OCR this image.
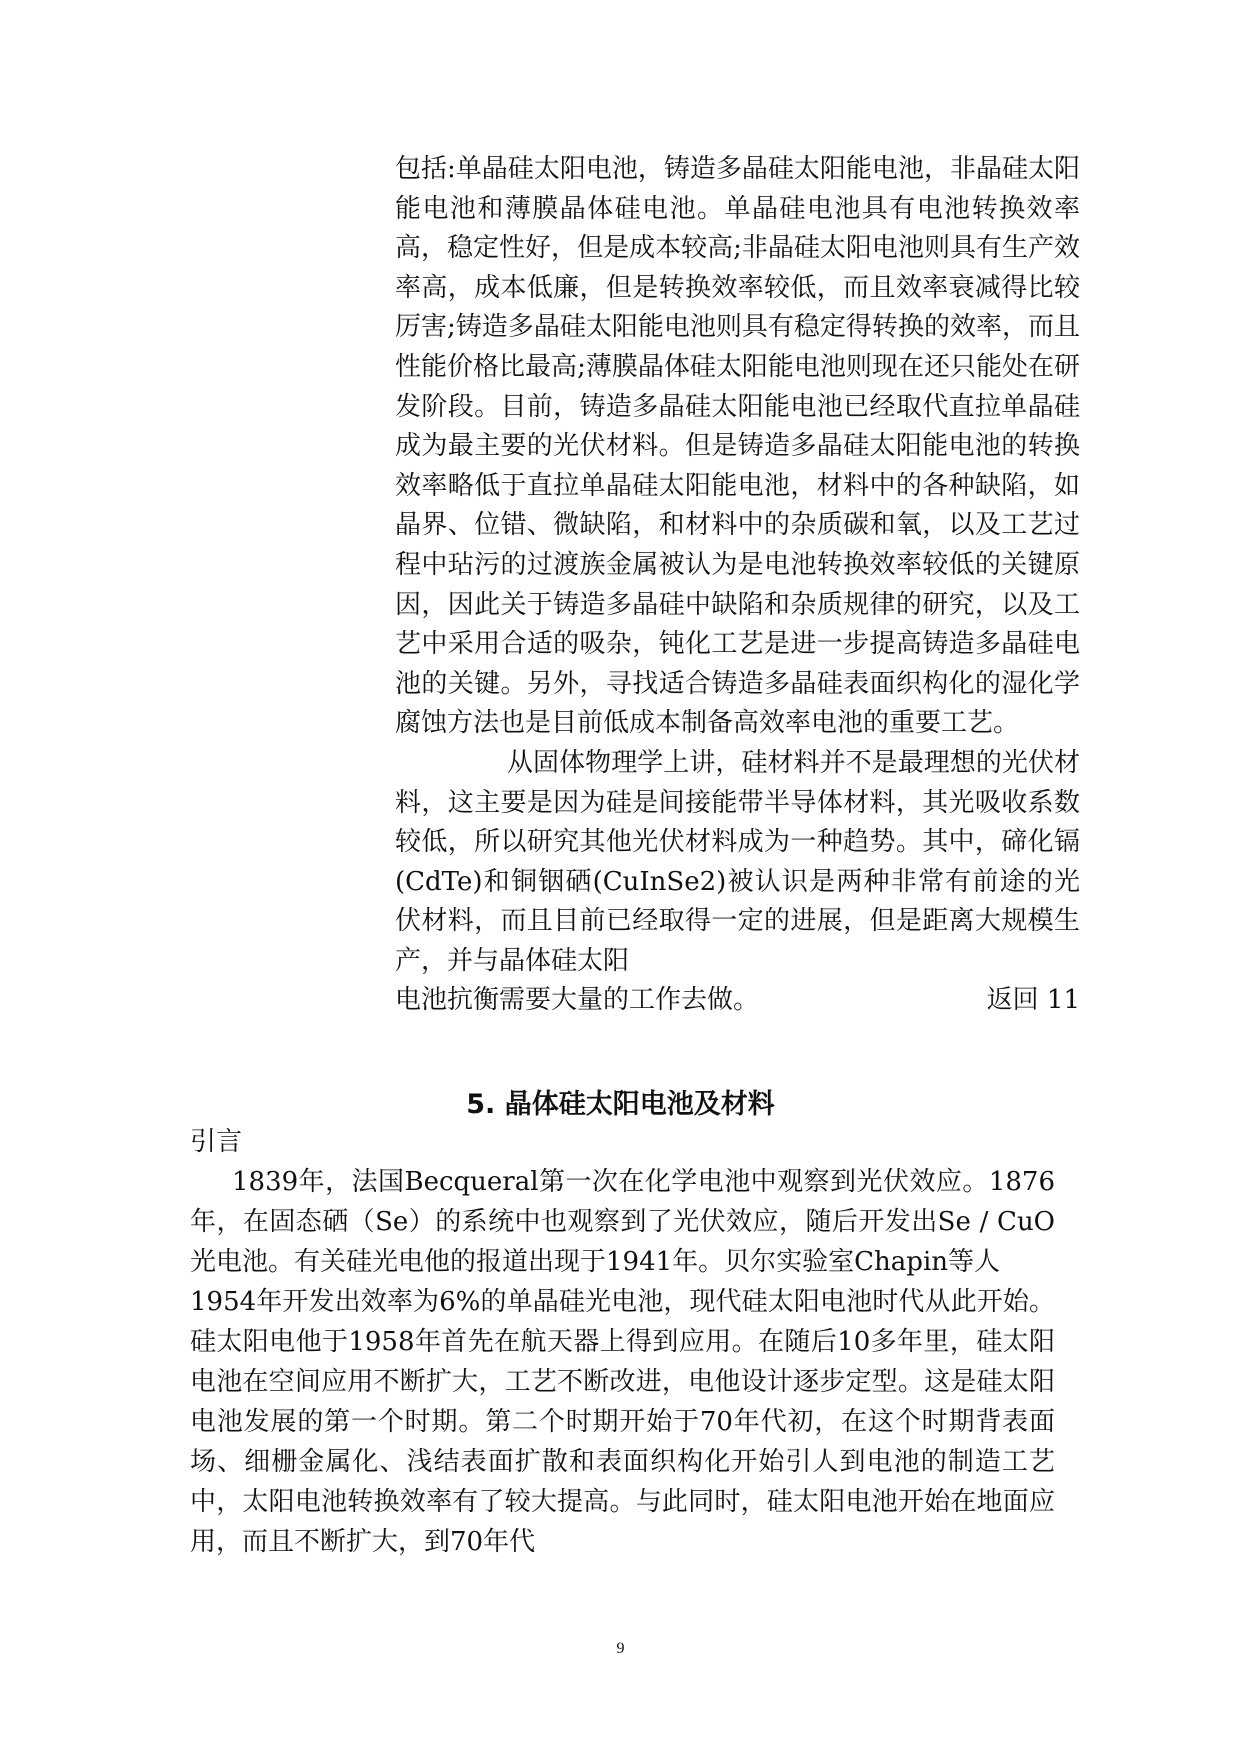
包括:单晶硅太阳电池，铸造多晶硅太阳能电池，非晶硅太阳能电池和薄膜晶体硅电池。单晶硅电池具有电池转换效率高，稳定性好，但是成本较高;非晶硅太阳电池则具有生产效率高，成本低廉，但是转换效率较低，而且效率衰减得比较厉害;铸造多晶硅太阳能电池则具有稳定得转换的效率，而且性能价格比最高;薄膜晶体硅太阳能电池则现在还只能处在研发阶段。目前，铸造多晶硅太阳能电池已经取代直拉单晶硅成为最主要的光伏材料。但是铸造多晶硅太阳能电池的转换效率略低于直拉单晶硅太阳能电池，材料中的各种缺陷，如晶界、位错、微缺陷，和材料中的杂质碳和氧，以及工艺过程中玷污的过渡族金属被认为是电池转换效率较低的关键原因，因此关于铸造多晶硅中缺陷和杂质规律的研究，以及工艺中采用合适的吸杂，钝化工艺是进一步提高铸造多晶硅电池的关键。另外，寻找适合铸造多晶硅表面织构化的湿化学腐蚀方法也是目前低成本制备高效率电池的重要工艺。

从固体物理学上讲，硅材料并不是最理想的光伏材料，这主要是因为硅是间接能带半导体材料，其光吸收系数较低，所以研究其他光伏材料成为一种趋势。其中，碲化镉(CdTe)和铜铟硒(CuInSe2)被认识是两种非常有前途的光伏材料，而且目前已经取得一定的进展，但是距离大规模生产，并与晶体硅太阳

电池抗衡需要大量的工作去做。	返回 11
5. 晶体硅太阳电池及材料

引言

1839年，法国Becqueral第一次在化学电池中观察到光伏效应。1876年，在固态硒（Se）的系统中也观察到了光伏效应，随后开发出Se / CuO光电池。有关硅光电他的报道出现于1941年。贝尔实验室Chapin等人

1954年开发出效率为6%的单晶硅光电池，现代硅太阳电池时代从此开始。硅太阳电他于1958年首先在航天器上得到应用。在随后10多年里，硅太阳电池在空间应用不断扩大，工艺不断改进，电他设计逐步定型。这是硅太阳电池发展的第一个时期。第二个时期开始于70年代初，在这个时期背表面场、细栅金属化、浅结表面扩散和表面织构化开始引人到电池的制造工艺中，太阳电池转换效率有了较大提高。与此同时，硅太阳电池开始在地面应用，而且不断扩大，到70年代

9
